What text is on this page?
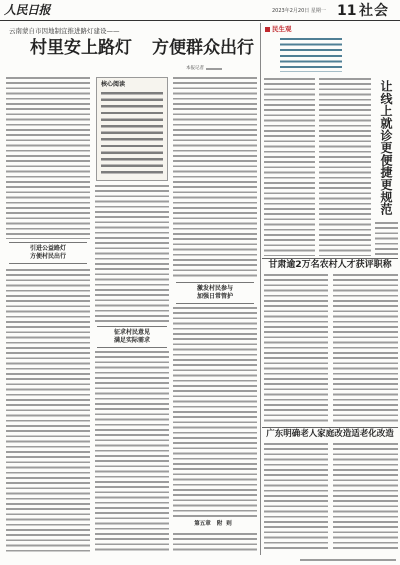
人民日报	2023年2月20日 星期一 11 社会
云南蒙自市因地制宜推进路灯建设——
村里安上路灯 方便群众出行
本报记者
引进公益路灯
方便村民出行
核心阅读
征求村民意见
满足实际需求
激发村民参与
加强日常管护
第五章 附则
民生观
让线上就诊更便捷更规范
甘肃逾2万名农村人才获评职称
广东明确老人家庭改造适老化改造
